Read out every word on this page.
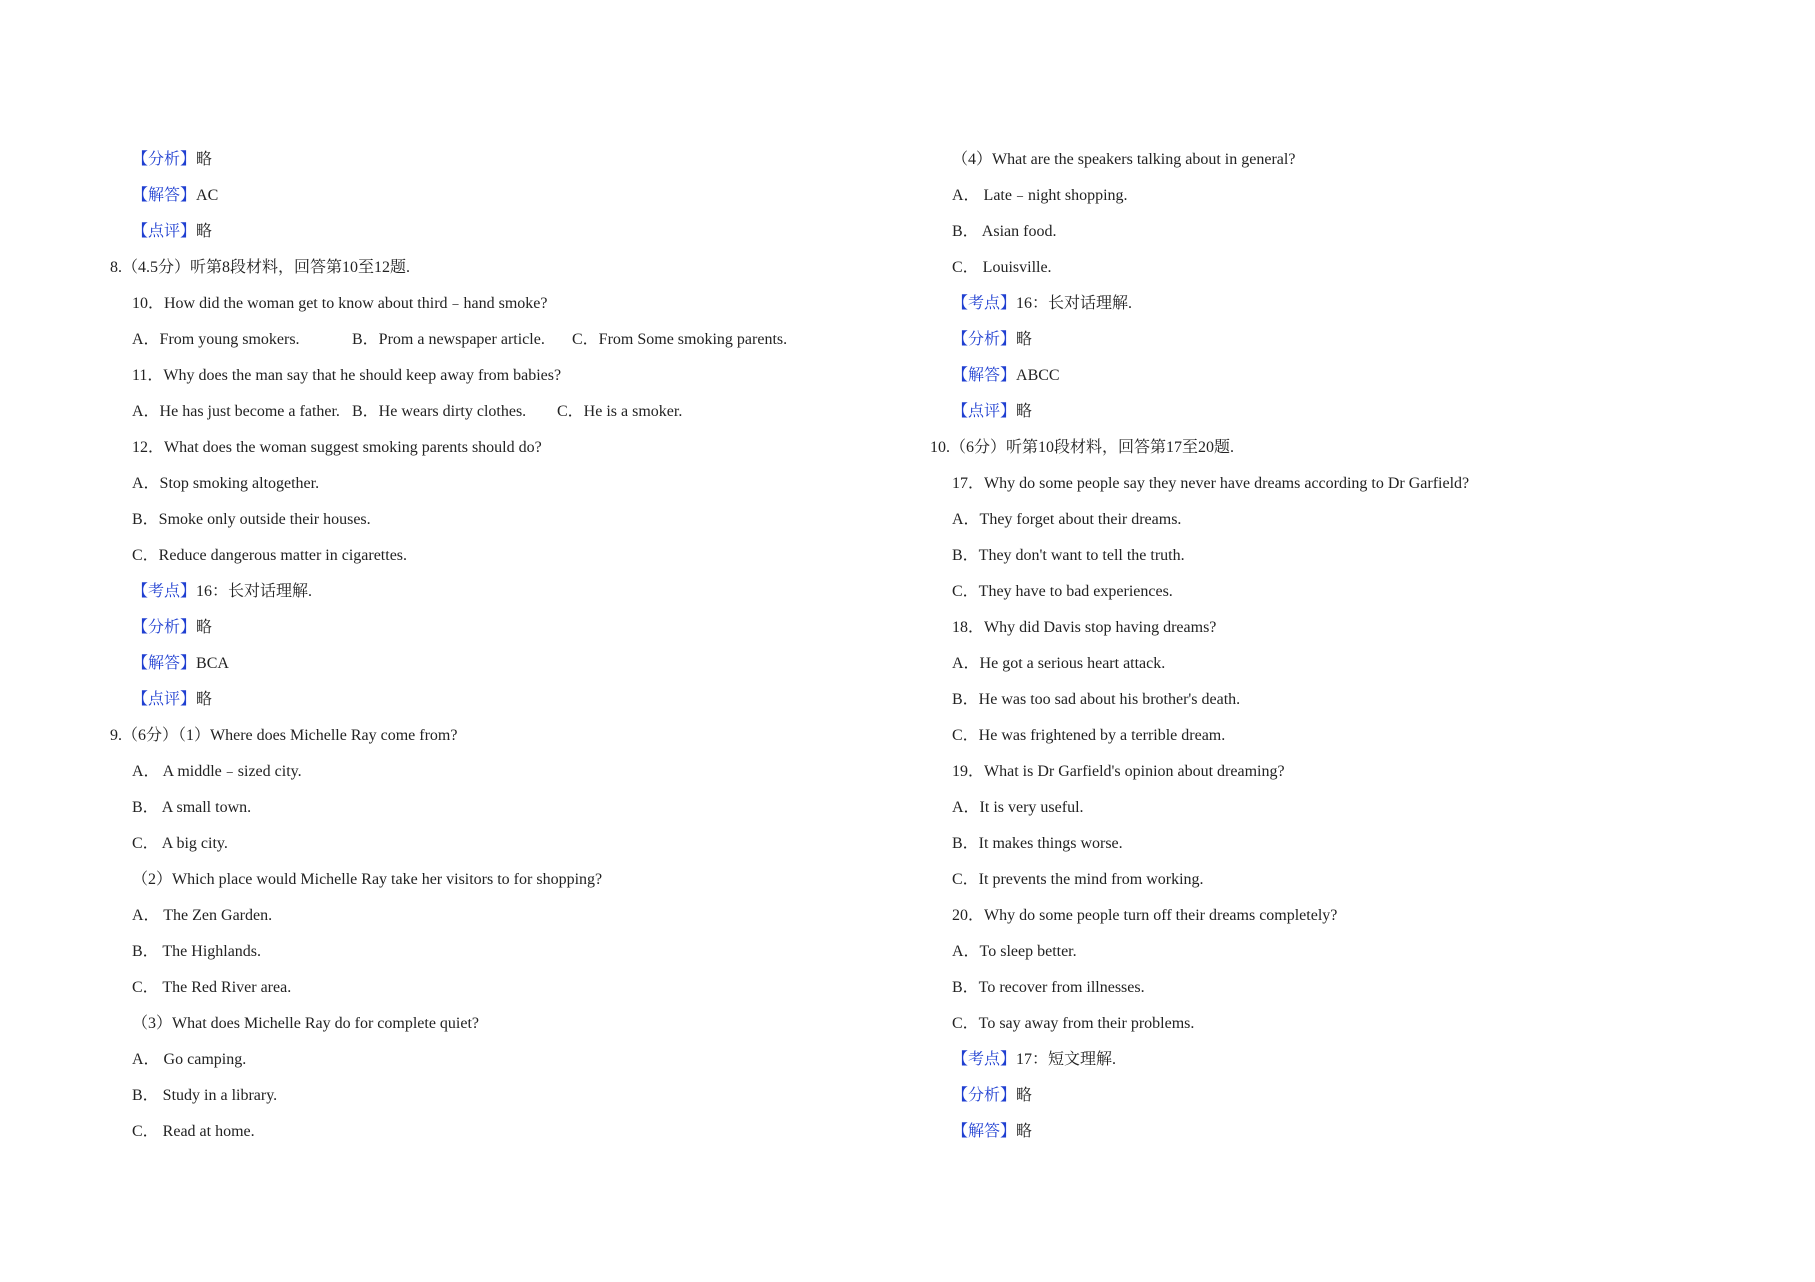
【分析】 略
【解答】 AC
【点评】 略
8.（4.5分）听第8段材料，回答第10至12题.
10．How did the woman get to know about third﹣hand smoke?
A．From young smokers.	B．Prom a newspaper article.	C．From Some smoking parents.
11．Why does the man say that he should keep away from babies?
A．He has just become a father. B．He wears dirty clothes.	C．He is a smoker.
12．What does the woman suggest smoking parents should do?
A．Stop smoking altogether.
B．Smoke only outside their houses.
C．Reduce dangerous matter in cigarettes.
【考点】 16：长对话理解.
【分析】 略
【解答】 BCA
【点评】 略
9.（6分）（1）Where does Michelle Ray come from?
A． A middle﹣sized city.
B． A small town.
C． A big city.
（2）Which place would Michelle Ray take her visitors to for shopping?
A． The Zen Garden.
B． The Highlands.
C． The Red River area.
（3）What does Michelle Ray do for complete quiet?
A． Go camping.
B． Study in a library.
C． Read at home.
（4）What are the speakers talking about in general?
A． Late﹣night shopping.
B． Asian food.
C． Louisville.
【考点】 16：长对话理解.
【分析】 略
【解答】 ABCC
【点评】 略
10.（6分）听第10段材料，回答第17至20题.
17．Why do some people say they never have dreams according to Dr Garfield?
A．They forget about their dreams.
B．They don't want to tell the truth.
C．They have to bad experiences.
18．Why did Davis stop having dreams?
A．He got a serious heart attack.
B．He was too sad about his brother's death.
C．He was frightened by a terrible dream.
19．What is Dr Garfield's opinion about dreaming?
A．It is very useful.
B．It makes things worse.
C．It prevents the mind from working.
20．Why do some people turn off their dreams completely?
A．To sleep better.
B．To recover from illnesses.
C．To say away from their problems.
【考点】 17：短文理解.
【分析】 略
【解答】 略
